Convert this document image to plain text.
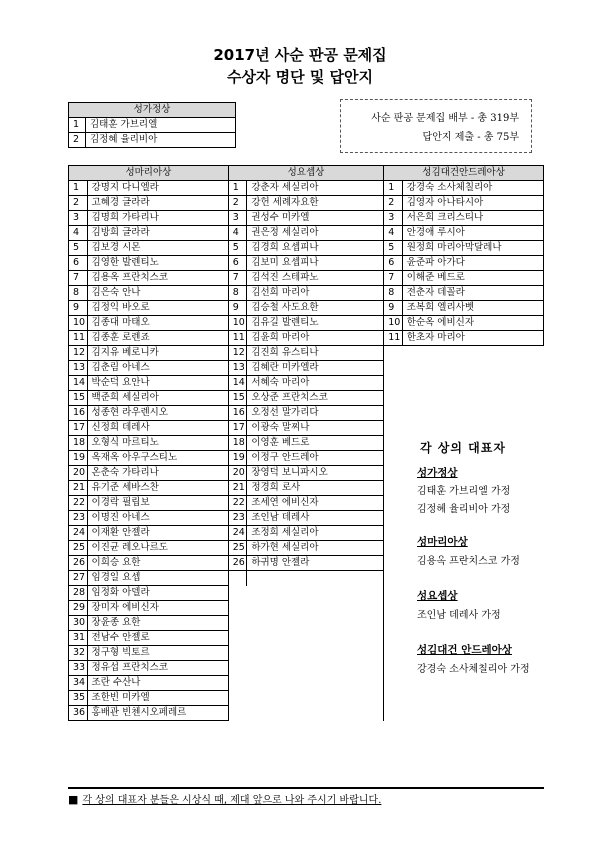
2017년 사순 판공 문제집
수상자 명단 및 답안지
성가정상	
1	김태훈 가브리엘
2	김정혜 율리비아
사순 판공 문제집 배부 - 총 319부
답안지 제출 - 총 75부
성마리아상		성요셉상		성김대건안드레아상	
1	강명지 다니엘라	1	강춘자 세실리아	1	강경숙 소사체칠리아
2	고혜경 글라라	2	강헌 세례자요한	2	김영자 아나타시아
3	김명희 가타리나	3	권성수 미카엘	3	서은희 크리스티나
4	김방희 글라라	4	권은정 세실리아	4	안경애 루시아
5	김보경 시몬	5	김경희 요셉피나	5	원정희 마리아막달레나
6	김영한 발렌티노	6	김보미 요셉피나	6	윤준파 아가다
7	김용옥 프란치스코	7	김석진 스테파노	7	이해준 베드로
8	김은숙 안나	8	김선희 마리아	8	전춘자 데꼴라
9	김정익 바오로	9	김승철 사도요한	9	조복희 엘리사벳
10	김종대 마태오	10	김유길 발렌티노	10	한순옥 에비신자
11	김종훈 로렌죠	11	김윤희 마리아	11	한초자 마리아
12	김지유 베로니카	12	김진희 유스티나		
13	김춘림 아네스	13	김혜란 미카엘라		
14	박순덕 요안나	14	서혜숙 마리아		
15	백준희 세실리아	15	오상준 프란치스코		
16	성종현 라우렌시오	16	오정선 말가리다		
17	신정희 데레사	17	이광숙 말찌나		
18	오형식 마르티노	18	이영훈 베드로		
19	옥재옥 아우구스티노	19	이정구 안드레아		
20	온춘숙 가타리나	20	장영덕 보니파시오		
21	유기준 세바스찬	21	정경희 로사		
22	이경락 필립보	22	조세연 에비신자		
23	이명진 아네스	23	조인남 데레사		
24	이재환 안젤라	24	조정희 세실리아		
25	이진균 레오나르도	25	하가현 세실리아		
26	이희승 요한	26	하귀명 안젤라		
27	임경일 요셉				
28	임정화 아델라				
29	장미자 에비신자				
30	장윤종 요한				
31	전남수 안젤로				
32	정구형 빅토르				
33	정유섭 프란치스코				
34	조란 수산나				
35	조한빈 미카엘				
36	홍배관 빈첸시오페레르				
각 상의 대표자
성가정상
김태훈 가브리엘 가정
김정혜 율리비아 가정
성마리아상
김용옥 프란치스코 가정
성요셉상
조인남 데레사 가정
성김대건 안드레아상
강경숙 소사체칠리아 가정
■ 각 상의 대표자 분들은 시상식 때, 제대 앞으로 나와 주시기 바랍니다.
